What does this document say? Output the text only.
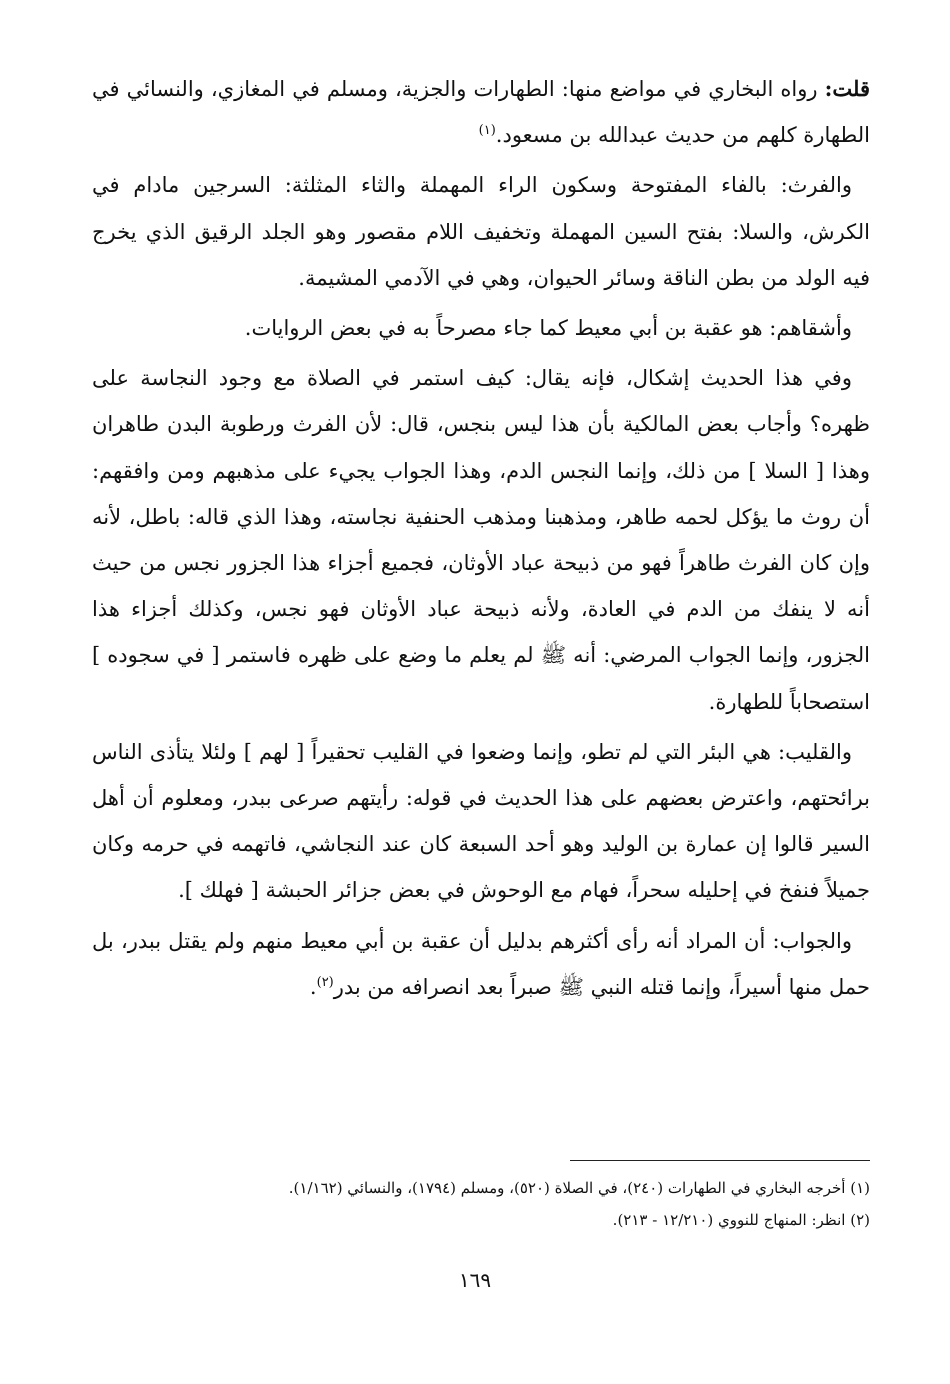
قلت: رواه البخاري في مواضع منها: الطهارات والجزية، ومسلم في المغازي، والنسائي في الطهارة كلهم من حديث عبدالله بن مسعود.$^{(١)}$

والفرث: بالفاء المفتوحة وسكون الراء المهملة والثاء المثلثة: السرجين مادام في الكرش، والسلا: بفتح السين المهملة وتخفيف اللام مقصور وهو الجلد الرقيق الذي يخرج فيه الولد من بطن الناقة وسائر الحيوان، وهي في الآدمي المشيمة.

وأشقاهم: هو عقبة بن أبي معيط كما جاء مصرحاً به في بعض الروايات.

وفي هذا الحديث إشكال، فإنه يقال: كيف استمر في الصلاة مع وجود النجاسة على ظهره؟ وأجاب بعض المالكية بأن هذا ليس بنجس، قال: لأن الفرث ورطوبة البدن طاهران وهذا [ السلا ] من ذلك، وإنما النجس الدم، وهذا الجواب يجيء على مذهبهم ومن وافقهم: أن روث ما يؤكل لحمه طاهر، ومذهبنا ومذهب الحنفية نجاسته، وهذا الذي قاله: باطل، لأنه وإن كان الفرث طاهراً فهو من ذبيحة عباد الأوثان، فجميع أجزاء هذا الجزور نجس من حيث أنه لا ينفك من الدم في العادة، ولأنه ذبيحة عباد الأوثان فهو نجس، وكذلك أجزاء هذا الجزور، وإنما الجواب المرضي: أنه ﷺ لم يعلم ما وضع على ظهره فاستمر [ في سجوده ] استصحاباً للطهارة.

والقليب: هي البئر التي لم تطو، وإنما وضعوا في القليب تحقيراً [ لهم ] ولئلا يتأذى الناس برائحتهم، واعترض بعضهم على هذا الحديث في قوله: رأيتهم صرعى ببدر، ومعلوم أن أهل السير قالوا إن عمارة بن الوليد وهو أحد السبعة كان عند النجاشي، فاتهمه في حرمه وكان جميلاً فنفخ في إحليله سحراً، فهام مع الوحوش في بعض جزائر الحبشة [ فهلك ].

والجواب: أن المراد أنه رأى أكثرهم بدليل أن عقبة بن أبي معيط منهم ولم يقتل ببدر، بل حمل منها أسيراً، وإنما قتله النبي ﷺ صبراً بعد انصرافه من بدر$^{(٢)}$.

(١) أخرجه البخاري في الطهارات (٢٤٠)، في الصلاة (٥٢٠)، ومسلم (١٧٩٤)، والنسائي (١/١٦٢).
(٢) انظر: المنهاج للنووي (١٢/٢١٠ - ٢١٣).
١٦٩
